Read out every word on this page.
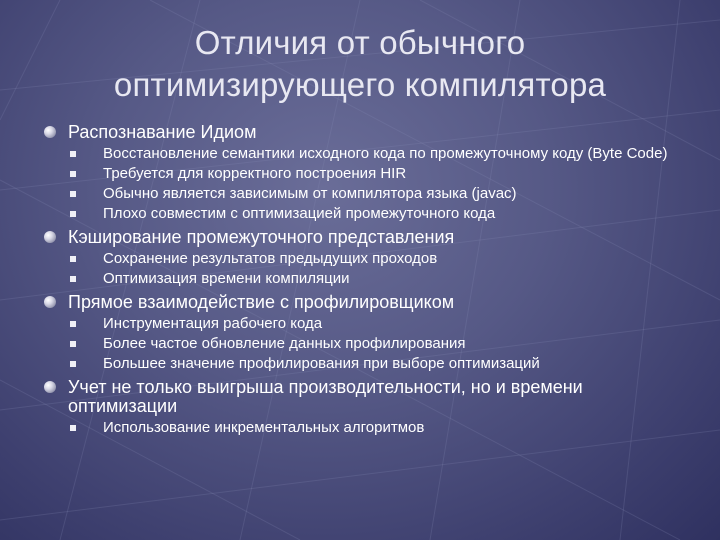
Отличия от обычного
оптимизирующего компилятора
Распознавание Идиом
Восстановление семантики исходного кода по промежуточному коду (Byte Code)
Требуется для корректного построения HIR
Обычно является зависимым от компилятора языка (javac)
Плохо совместим с оптимизацией промежуточного кода
Кэширование промежуточного представления
Сохранение результатов предыдущих проходов
Оптимизация времени компиляции
Прямое взаимодействие с профилировщиком
Инструментация рабочего кода
Более частое обновление данных профилирования
Большее значение профилирования при выборе оптимизаций
Учет не только выигрыша производительности, но и времени оптимизации
Использование инкрементальных алгоритмов
